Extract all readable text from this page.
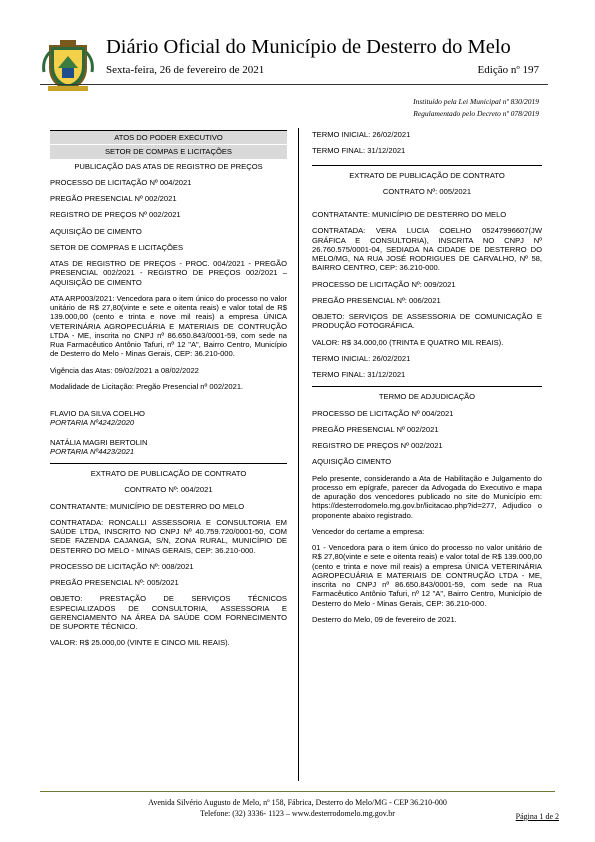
Diário Oficial do Município de Desterro do Melo
Sexta-feira, 26 de fevereiro de 2021	Edição nº 197
Instituído pela Lei Municipal nº 830/2019
Regulamentado pelo Decreto nº 078/2019
ATOS DO PODER EXECUTIVO
SETOR DE COMPAS E LICITAÇÕES

PUBLICAÇÃO DAS ATAS DE REGISTRO DE PREÇOS

PROCESSO DE LICITAÇÃO Nº 004/2021

PREGÃO PRESENCIAL Nº 002/2021

REGISTRO DE PREÇOS Nº 002/2021

AQUISIÇÃO DE CIMENTO

SETOR DE COMPRAS E LICITAÇÕES

ATAS DE REGISTRO DE PREÇOS - PROC. 004/2021 - PREGÃO PRESENCIAL 002/2021 - REGISTRO DE PREÇOS 002/2021 – AQUISIÇÃO DE CIMENTO

ATA ARP003/2021: Vencedora para o item único do processo no valor unitário de R$ 27,80(vinte e sete e oitenta reais) e valor total de R$ 139.000,00 (cento e trinta e nove mil reais) a empresa ÚNICA VETERINÁRIA AGROPECUÁRIA E MATERIAIS DE CONTRUÇÃO LTDA - ME, inscrita no CNPJ nº 86.650.843/0001-59, com sede na Rua Farmacêutico Antônio Tafuri, nº 12 "A", Bairro Centro, Município de Desterro do Melo - Minas Gerais, CEP: 36.210-000.

Vigência das Atas: 09/02/2021 a 08/02/2022

Modalidade de Licitação: Pregão Presencial nº 002/2021.

FLAVIO DA SILVA COELHO

PORTARIA Nº4242/2020

NATÁLIA MAGRI BERTOLIN

PORTARIA Nº4423/2021

EXTRATO DE PUBLICAÇÃO DE CONTRATO

CONTRATO Nº: 004/2021

CONTRATANTE: MUNICÍPIO DE DESTERRO DO MELO

CONTRATADA: RONCALLI ASSESSORIA E CONSULTORIA EM SAÚDE LTDA, INSCRITO NO CNPJ Nº 40.759.720/0001-50, COM SEDE FAZENDA CAJANGA, S/N, ZONA RURAL, MUNICÍPIO DE DESTERRO DO MELO - MINAS GERAIS, CEP: 36.210-000.

PROCESSO DE LICITAÇÃO Nº: 008/2021

PREGÃO PRESENCIAL Nº: 005/2021

OBJETO: PRESTAÇÃO DE SERVIÇOS TÉCNICOS ESPECIALIZADOS DE CONSULTORIA, ASSESSORIA E GERENCIAMENTO NA ÁREA DA SAÚDE COM FORNECIMENTO DE SUPORTE TÉCNICO.

VALOR: R$ 25.000,00 (VINTE E CINCO MIL REAIS).

TERMO INICIAL: 26/02/2021

TERMO FINAL: 31/12/2021

EXTRATO DE PUBLICAÇÃO DE CONTRATO

CONTRATO Nº: 005/2021

CONTRATANTE: MUNICÍPIO DE DESTERRO DO MELO

CONTRATADA: VERA LUCIA COELHO 05247996607(JW GRÁFICA E CONSULTORIA), INSCRITA NO CNPJ Nº 26.760.575/0001-04, SEDIADA NA CIDADE DE DESTERRO DO MELO/MG, NA RUA JOSÉ RODRIGUES DE CARVALHO, Nº 58, BAIRRO CENTRO, CEP: 36.210-000.

PROCESSO DE LICITAÇÃO Nº: 009/2021

PREGÃO PRESENCIAL Nº: 006/2021

OBJETO: SERVIÇOS DE ASSESSORIA DE COMUNICAÇÃO E PRODUÇÃO FOTOGRÁFICA.

VALOR: R$ 34.000,00 (TRINTA E QUATRO MIL REAIS).

TERMO INICIAL: 26/02/2021

TERMO FINAL: 31/12/2021

TERMO DE ADJUDICAÇÃO

PROCESSO DE LICITAÇÃO Nº 004/2021

PREGÃO PRESENCIAL Nº 002/2021

REGISTRO DE PREÇOS Nº 002/2021

AQUISIÇÃO CIMENTO

Pelo presente, considerando a Ata de Habilitação e Julgamento do processo em epígrafe, parecer da Advogada do Executivo e mapa de apuração dos vencedores publicado no site do Município em: https://desterrodomelo.mg.gov.br/licitacao.php?id=277, Adjudico o proponente abaixo registrado.

Vencedor do certame a empresa:

01 - Vencedora para o item único do processo no valor unitário de R$ 27,80(vinte e sete e oitenta reais) e valor total de R$ 139.000,00 (cento e trinta e nove mil reais) a empresa ÚNICA VETERINÁRIA AGROPECUÁRIA E MATERIAIS DE CONTRUÇÃO LTDA - ME, inscrita no CNPJ nº 86.650.843/0001-59, com sede na Rua Farmacêutico Antônio Tafuri, nº 12 "A", Bairro Centro, Município de Desterro do Melo - Minas Gerais, CEP: 36.210-000.

Desterro do Melo, 09 de fevereiro de 2021.

Avenida Silvério Augusto de Melo, nº 158, Fábrica, Desterro do Melo/MG - CEP 36.210-000
Telefone: (32) 3336- 1123 – www.desterrodomelo.mg.gov.br	Página 1 de 2
